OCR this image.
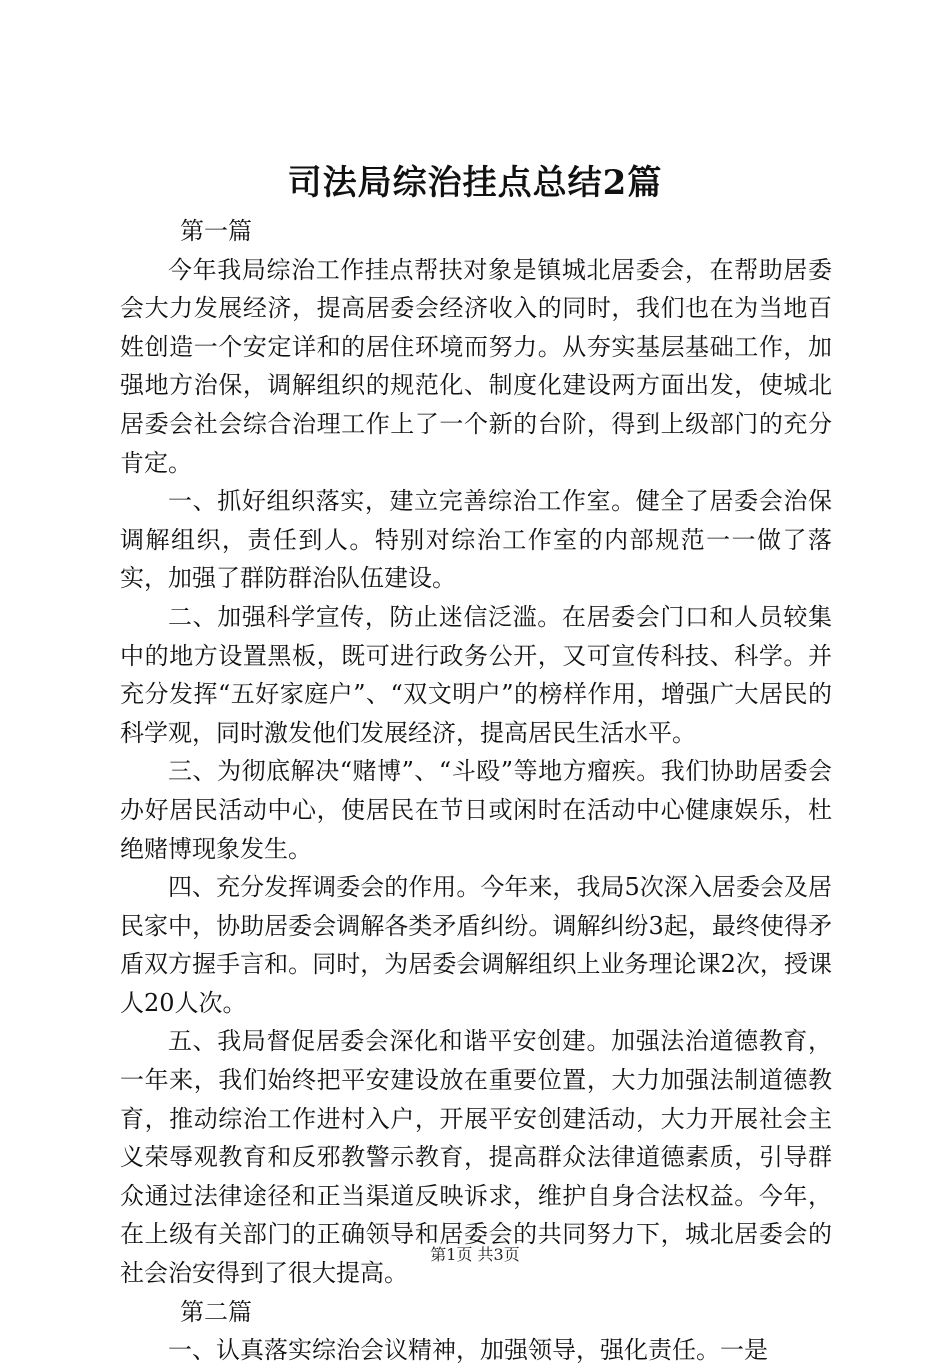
司法局综治挂点总结2篇

第一篇

今年我局综治工作挂点帮扶对象是镇城北居委会，在帮助居委会大力发展经济，提高居委会经济收入的同时，我们也在为当地百姓创造一个安定详和的居住环境而努力。从夯实基层基础工作，加强地方治保，调解组织的规范化、制度化建设两方面出发，使城北居委会社会综合治理工作上了一个新的台阶，得到上级部门的充分肯定。

一、抓好组织落实，建立完善综治工作室。健全了居委会治保调解组织，责任到人。特别对综治工作室的内部规范一一做了落实，加强了群防群治队伍建设。

二、加强科学宣传，防止迷信泛滥。在居委会门口和人员较集中的地方设置黑板，既可进行政务公开，又可宣传科技、科学。并充分发挥“五好家庭户”、“双文明户”的榜样作用，增强广大居民的科学观，同时激发他们发展经济，提高居民生活水平。

三、为彻底解决“赌博”、“斗殴”等地方瘤疾。我们协助居委会办好居民活动中心，使居民在节日或闲时在活动中心健康娱乐，杜绝赌博现象发生。

四、充分发挥调委会的作用。今年来，我局5次深入居委会及居民家中，协助居委会调解各类矛盾纠纷。调解纠纷3起，最终使得矛盾双方握手言和。同时，为居委会调解组织上业务理论课2次，授课人20人次。

五、我局督促居委会深化和谐平安创建。加强法治道德教育，一年来，我们始终把平安建设放在重要位置，大力加强法制道德教育，推动综治工作进村入户，开展平安创建活动，大力开展社会主义荣辱观教育和反邪教警示教育，提高群众法律道德素质，引导群众通过法律途径和正当渠道反映诉求，维护自身合法权益。今年，在上级有关部门的正确领导和居委会的共同努力下，城北居委会的社会治安得到了很大提高。

第二篇

一、认真落实综治会议精神，加强领导，强化责任。一是

第1页 共3页
